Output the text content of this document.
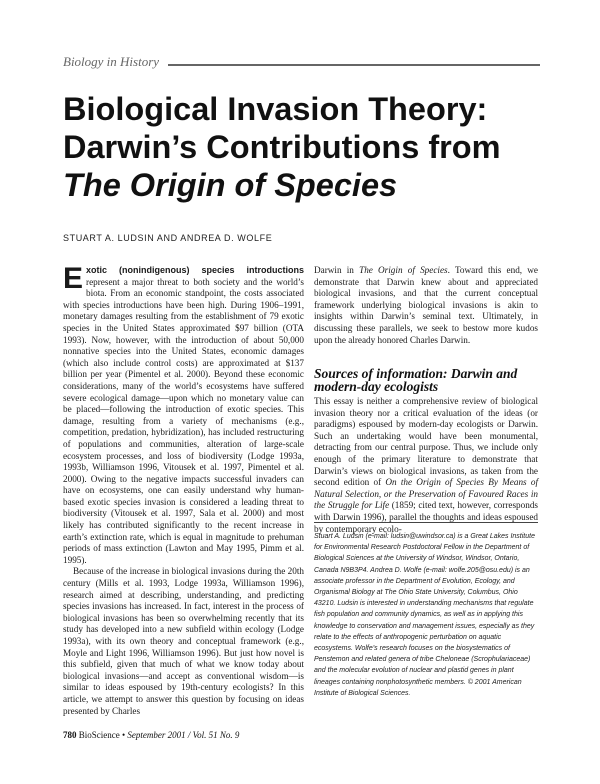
Biology in History
Biological Invasion Theory:
Darwin’s Contributions from
The Origin of Species
STUART A. LUDSIN AND ANDREA D. WOLFE

Exotic (nonindigenous) species introductions represent a major threat to both society and the world’s biota. From an economic standpoint, the costs associated with species introductions have been high. During 1906–1991, monetary damages resulting from the establishment of 79 exotic species in the United States approximated $97 billion (OTA 1993). Now, however, with the introduction of about 50,000 nonnative species into the United States, economic damages (which also include control costs) are approximated at $137 billion per year (Pimentel et al. 2000). Beyond these economic considerations, many of the world’s ecosystems have suffered severe ecological damage—upon which no monetary value can be placed—following the introduction of exotic species. This damage, resulting from a variety of mechanisms (e.g., competition, predation, hybridization), has included restructuring of populations and communities, alteration of large-scale ecosystem processes, and loss of biodiversity (Lodge 1993a, 1993b, Williamson 1996, Vitousek et al. 1997, Pimentel et al. 2000). Owing to the negative impacts successful invaders can have on ecosystems, one can easily understand why human-based exotic species invasion is considered a leading threat to biodiversity (Vitousek et al. 1997, Sala et al. 2000) and most likely has contributed significantly to the recent increase in earth’s extinction rate, which is equal in magnitude to prehuman periods of mass extinction (Lawton and May 1995, Pimm et al. 1995).

Because of the increase in biological invasions during the 20th century (Mills et al. 1993, Lodge 1993a, Williamson 1996), research aimed at describing, understanding, and predicting species invasions has increased. In fact, interest in the process of biological invasions has been so overwhelming recently that its study has developed into a new subfield within ecology (Lodge 1993a), with its own theory and conceptual framework (e.g., Moyle and Light 1996, Williamson 1996). But just how novel is this subfield, given that much of what we know today about biological invasions—and accept as conventional wisdom—is similar to ideas espoused by 19th-century ecologists? In this article, we attempt to answer this question by focusing on ideas presented by Charles

Darwin in The Origin of Species. Toward this end, we demonstrate that Darwin knew about and appreciated biological invasions, and that the current conceptual framework underlying biological invasions is akin to insights within Darwin’s seminal text. Ultimately, in discussing these parallels, we seek to bestow more kudos upon the already honored Charles Darwin.

Sources of information: Darwin and
modern-day ecologists

This essay is neither a comprehensive review of biological invasion theory nor a critical evaluation of the ideas (or paradigms) espoused by modern-day ecologists or Darwin. Such an undertaking would have been monumental, detracting from our central purpose. Thus, we include only enough of the primary literature to demonstrate that Darwin’s views on biological invasions, as taken from the second edition of On the Origin of Species By Means of Natural Selection, or the Preservation of Favoured Races in the Struggle for Life (1859; cited text, however, corresponds with Darwin 1996), parallel the thoughts and ideas espoused by contemporary ecolo-

Stuart A. Ludsin (e-mail: ludsin@uwindsor.ca) is a Great Lakes Institute for Environmental Research Postdoctoral Fellow in the Department of Biological Sciences at the University of Windsor, Windsor, Ontario, Canada N9B3P4. Andrea D. Wolfe (e-mail: wolfe.205@osu.edu) is an associate professor in the Department of Evolution, Ecology, and Organismal Biology at The Ohio State University, Columbus, Ohio 43210. Ludsin is interested in understanding mechanisms that regulate fish population and community dynamics, as well as in applying this knowledge to conservation and management issues, especially as they relate to the effects of anthropogenic perturbation on aquatic ecosystems. Wolfe’s research focuses on the biosystematics of Penstemon and related genera of tribe Cheloneae (Scrophulariaceae) and the molecular evolution of nuclear and plastid genes in plant lineages containing nonphotosynthetic members. © 2001 American Institute of Biological Sciences.
780 BioScience • September 2001 / Vol. 51 No. 9
